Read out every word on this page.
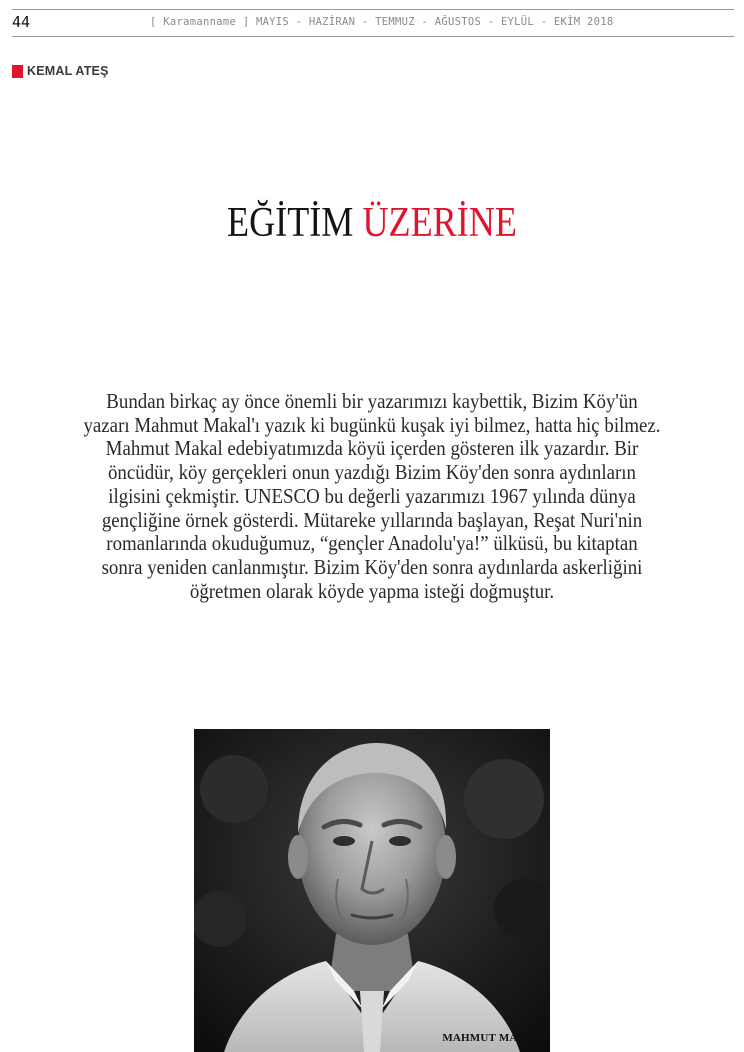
44	[ Karamanname ] MAYIS - HAZİRAN - TEMMUZ - AĞUSTOS - EYLÜL - EKİM 2018
KEMAL ATEŞ
EĞİTİM ÜZERİNE

Bundan birkaç ay önce önemli bir yazarımızı kaybettik, Bizim Köy'ün
yazarı Mahmut Makal'ı yazık ki bugünkü kuşak iyi bilmez, hatta hiç bilmez.
Mahmut Makal edebiyatımızda köyü içerden gösteren ilk yazardır. Bir
öncüdür, köy gerçekleri onun yazdığı Bizim Köy'den sonra aydınların
ilgisini çekmiştir. UNESCO bu değerli yazarımızı 1967 yılında dünya
gençliğine örnek gösterdi. Mütareke yıllarında başlayan, Reşat Nuri'nin
romanlarında okuduğumuz, “gençler Anadolu'ya!” ülküsü, bu kitaptan
sonra yeniden canlanmıştır. Bizim Köy'den sonra aydınlarda askerliğini
öğretmen olarak köyde yapma isteği doğmuştur.

MAHMUT MAKAL
